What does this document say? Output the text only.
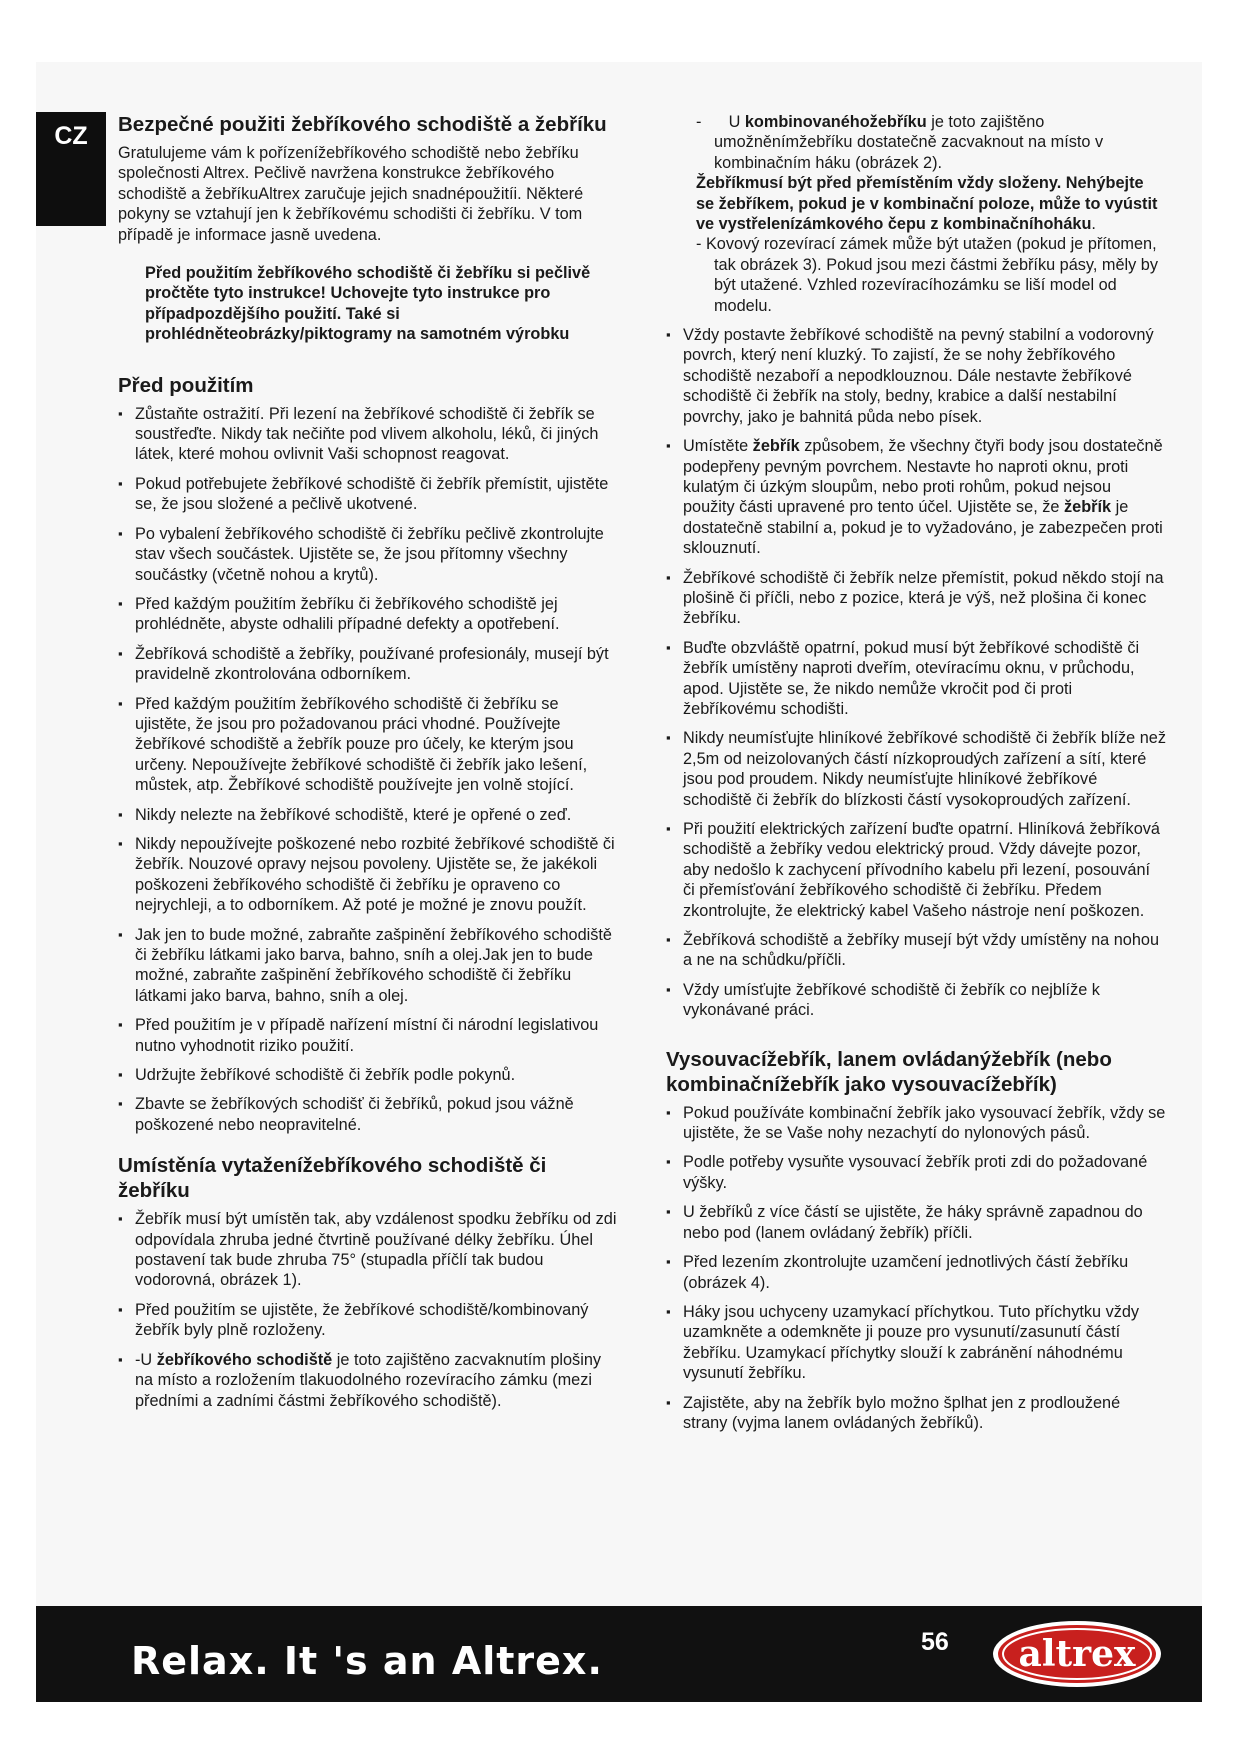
CZ	Bezpečné použiti žebříkového schodiště a žebříku

Gratulujeme vám k pořízenížebříkového schodiště nebo žebříku společnosti Altrex. Pečlivě navržena konstrukce žebříkového schodiště a žebříkuAltrex zaručuje jejich snadnépoužitíi. Některé pokyny se vztahují jen k žebříkovému schodišti či žebříku. V tom případě je informace jasně uvedena.

Před použitím žebříkového schodiště či žebříku si pečlivě pročtěte tyto instrukce! Uchovejte tyto instrukce pro případpozdějšího použití. Také si prohlédnětеobrázky/piktogramy na samotném výrobku

Před použitím
▪ Zůstaňte ostražití. Při lezení na žebříkové schodiště či žebřík se soustřeďte. Nikdy tak nečiňte pod vlivem alkoholu, léků, či jiných látek, které mohou ovlivnit Vaši schopnost reagovat.
▪ Pokud potřebujete žebříkové schodiště či žebřík přemístit, ujistěte se, že jsou složené a pečlivě ukotvené.
▪ Po vybalení žebříkového schodiště či žebříku pečlivě zkontrolujte stav všech součástek. Ujistěte se, že jsou přítomny všechny součástky (včetně nohou a krytů).
▪ Před každým použitím žebříku či žebříkového schodiště jej prohlédněte, abyste odhalili případné defekty a opotřebení.
▪ Žebříková schodiště a žebříky, používané profesionály, musejí být pravidelně zkontrolována odborníkem.
▪ Před každým použitím žebříkového schodiště či žebříku se ujistěte, že jsou pro požadovanou práci vhodné. Používejte žebříkové schodiště a žebřík pouze pro účely, ke kterým jsou určeny. Nepoužívejte žebříkové schodiště či žebřík jako lešení, můstek, atp. Žebříkové schodiště používejte jen volně stojící.
▪ Nikdy nelezte na žebříkové schodiště, které je opřené o zeď.
▪ Nikdy nepoužívejte poškozené nebo rozbité žebříkové schodiště či žebřík. Nouzové opravy nejsou povoleny. Ujistěte se, že jakékoli poškozeni žebříkového schodiště či žebříku je opraveno co nejrychleji, a to odborníkem. Až poté je možné je znovu použít.
▪ Jak jen to bude možné, zabraňte zašpinění žebříkového schodiště či žebříku látkami jako barva, bahno, sníh a olej.Jak jen to bude možné, zabraňte zašpinění žebříkového schodiště či žebříku látkami jako barva, bahno, sníh a olej.
▪ Před použitím je v případě nařízení místní či národní legislativou nutno vyhodnotit riziko použití.
▪ Udržujte žebříkové schodiště či žebřík podle pokynů.
▪ Zbavte se žebříkových schodišť či žebříků, pokud jsou vážně poškozené nebo neopravitelné.
Umístěnía vytaženížebříkového schodiště či žebříku
▪ Žebřík musí být umístěn tak, aby vzdálenost spodku žebříku od zdi odpovídala zhruba jedné čtvrtině používané délky žebříku. Úhel postavení tak bude zhruba 75° (stupadla příčlí tak budou vodorovná, obrázek 1).
▪ Před použitím se ujistěte, že žebříkové schodiště/kombinovaný žebřík byly plně rozloženy.
▪ -U žebříkového schodiště je toto zajištěno zacvaknutím plošiny na místo a rozložením tlakuodolného rozevíracího zámku (mezi předními a zadními částmi žebříkového schodiště).

-      U kombinovanéhožebříku je toto zajištěno umožněnímžebříku dostatečně zacvaknout na místo v kombinačním háku (obrázek 2).

Žebříkmusí být před přemístěním vždy složeny. Nehýbejte se žebříkem, pokud je v kombinační poloze, může to vyústit ve vystřelenízámkového čepu z kombinačníhoháku.

- Kovový rozevírací zámek může být utažen (pokud je přítomen, tak obrázek 3). Pokud jsou mezi částmi žebříku pásy, měly by být utažené. Vzhled rozevíracíhozámku se liší model od modelu.

▪ Vždy postavte žebříkové schodiště na pevný stabilní a vodorovný povrch, který není kluzký. To zajistí, že se nohy žebříkového schodiště nezaboří a nepodklouznou. Dále nestavte žebříkové schodiště či žebřík na stoly, bedny, krabice a další nestabilní povrchy, jako je bahnitá půda nebo písek.
▪ Umístěte žebřík způsobem, že všechny čtyři body jsou dostatečně podepřeny pevným povrchem. Nestavte ho naproti oknu, proti kulatým či úzkým sloupům, nebo proti rohům, pokud nejsou použity části upravené pro tento účel. Ujistěte se, že žebřík je dostatečně stabilní a, pokud je to vyžadováno, je zabezpečen proti sklouznutí.
▪ Žebříkové schodiště či žebřík nelze přemístit, pokud někdo stojí na plošině či příčli, nebo z pozice, která je výš, než plošina či konec žebříku.
▪ Buďte obzvláště opatrní, pokud musí být žebříkové schodiště či žebřík umístěny naproti dveřím, otevíracímu oknu, v průchodu, apod. Ujistěte se, že nikdo nemůže vkročit pod či proti žebříkovému schodišti.
▪ Nikdy neumísťujte hliníkové žebříkové schodiště či žebřík blíže než 2,5m od neizolovaných částí nízkoproudých zařízení a sítí, které jsou pod proudem. Nikdy neumísťujte hliníkové žebříkové schodiště či žebřík do blízkosti částí vysokoproudých zařízení.
▪ Při použití elektrických zařízení buďte opatrní. Hliníková žebříková schodiště a žebříky vedou elektrický proud. Vždy dávejte pozor, aby nedošlo k zachycení přívodního kabelu při lezení, posouvání či přemísťování žebříkového schodiště či žebříku. Předem zkontrolujte, že elektrický kabel Vašeho nástroje není poškozen.
▪ Žebříková schodiště a žebříky musejí být vždy umístěny na nohou a ne na schůdku/příčli.
▪ Vždy umísťujte žebříkové schodiště či žebřík co nejblíže k vykonávané práci.
Vysouvacížebřík, lanem ovládanýžebřík (nebo kombinačnížebřík jako vysouvacížebřík)
▪ Pokud používáte kombinační žebřík jako vysouvací žebřík, vždy se ujistěte, že se Vaše nohy nezachytí do nylonových pásů.
▪ Podle potřeby vysuňte vysouvací žebřík proti zdi do požadované výšky.
▪ U žebříků z více částí se ujistěte, že háky správně zapadnou do nebo pod (lanem ovládaný žebřík) příčli.
▪ Před lezením zkontrolujte uzamčení jednotlivých částí žebříku (obrázek 4).
▪ Háky jsou uchyceny uzamykací příchytkou. Tuto příchytku vždy uzamkněte a odemkněte ji pouze pro vysunutí/zasunutí částí žebříku. Uzamykací příchytky slouží k zabránění náhodnému vysunutí žebříku.
▪ Zajistěte, aby na žebřík bylo možno šplhat jen z prodloužené strany (vyjma lanem ovládaných žebříků).
Relax. It 's an Altrex.	56 altrex
